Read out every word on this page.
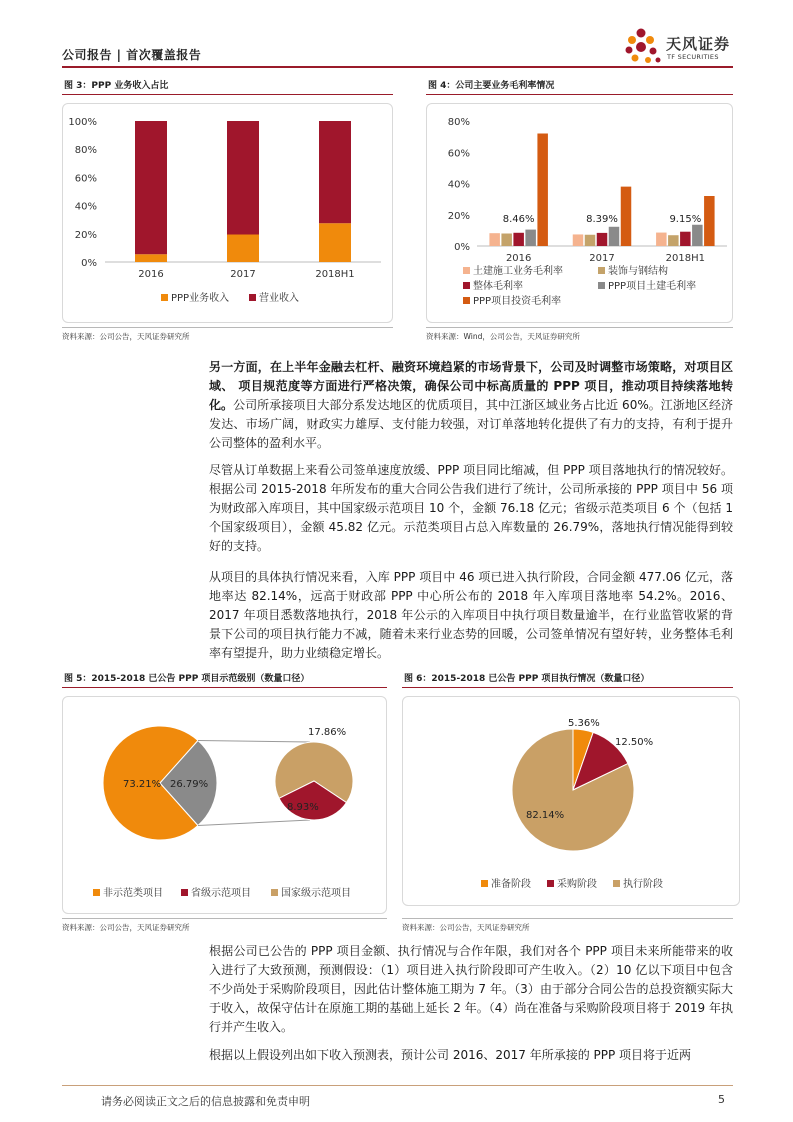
公司报告 | 首次覆盖报告
天风证券
TF SECURITIES
图 3：PPP 业务收入占比
0%
20%
40%
60%
80%
100%
2016	2017	2018H1
PPP业务收入	营业收入
资料来源：公司公告，天风证券研究所
图 4：公司主要业务毛利率情况
0%
20%
40%
60%
80%
8.46%
2016
8.39%
2017
9.15%
2018H1
土建施工业务毛利率	装饰与钢结构
整体毛利率	PPP项目土建毛利率
PPP项目投资毛利率
资料来源：Wind，公司公告，天风证券研究所
另一方面，在上半年金融去杠杆、融资环境趋紧的市场背景下，公司及时调整市场策略，对项目区域、 项目规范度等方面进行严格决策，确保公司中标高质量的 PPP 项目，推动项目持续落地转化。公司所承接项目大部分系发达地区的优质项目，其中江浙区域业务占比近 60%。江浙地区经济发达、市场广阔，财政实力雄厚、支付能力较强，对订单落地转化提供了有力的支持，有利于提升公司整体的盈利水平。
尽管从订单数据上来看公司签单速度放缓、PPP 项目同比缩减，但 PPP 项目落地执行的情况较好。根据公司 2015-2018 年所发布的重大合同公告我们进行了统计，公司所承接的 PPP 项目中 56 项为财政部入库项目，其中国家级示范项目 10 个，金额 76.18 亿元；省级示范类项目 6 个（包括 1 个国家级项目），金额 45.82 亿元。示范类项目占总入库数量的 26.79%，落地执行情况能得到较好的支持。
从项目的具体执行情况来看，入库 PPP 项目中 46 项已进入执行阶段，合同金额 477.06 亿元，落地率达 82.14%，远高于财政部 PPP 中心所公布的 2018 年入库项目落地率 54.2%。2016、2017 年项目悉数落地执行，2018 年公示的入库项目中执行项目数量逾半，在行业监管收紧的背景下公司的项目执行能力不减，随着未来行业态势的回暖，公司签单情况有望好转，业务整体毛利率有望提升，助力业绩稳定增长。
图 5：2015-2018 已公告 PPP 项目示范级别（数量口径）
73.21% 26.79%
8.93%
17.86%
非示范类项目	省级示范项目	国家级示范项目
资料来源：公司公告，天风证券研究所
图 6：2015-2018 已公告 PPP 项目执行情况（数量口径）
5.36%
12.50%
82.14%
准备阶段	采购阶段	执行阶段
资料来源：公司公告，天风证券研究所
根据公司已公告的 PPP 项目金额、执行情况与合作年限，我们对各个 PPP 项目未来所能带来的收入进行了大致预测，预测假设：（1）项目进入执行阶段即可产生收入。（2）10 亿以下项目中包含不少尚处于采购阶段项目，因此估计整体施工期为 7 年。（3）由于部分合同公告的总投资额实际大于收入，故保守估计在原施工期的基础上延长 2 年。（4）尚在准备与采购阶段项目将于 2019 年执行并产生收入。
根据以上假设列出如下收入预测表，预计公司 2016、2017 年所承接的 PPP 项目将于近两
请务必阅读正文之后的信息披露和免责申明	5
